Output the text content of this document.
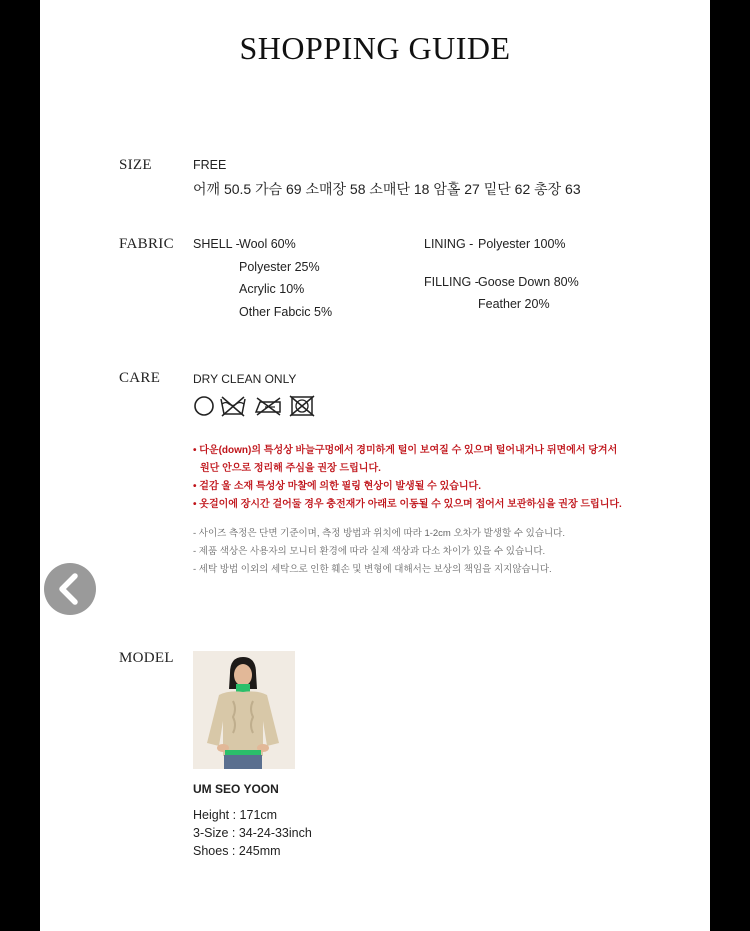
SHOPPING GUIDE
SIZE	FREE
어깨 50.5 가슴 69 소매장 58 소매단 18 암홀 27 밑단 62 총장 63
FABRIC SHELL - Wool 60%
Polyester 25%
Acrylic 10%
Other Fabcic 5%
LINING - Polyester 100%
FILLING - Goose Down 80%
Feather 20%
CARE	DRY CLEAN ONLY
• 다운(down)의 특성상 바늘구멍에서 경미하게 털이 보여질 수 있으며 털어내거나 뒤면에서 당겨서
원단 안으로 정리해 주심을 권장 드립니다.
• 겉감 울 소재 특성상 마찰에 의한 필링 현상이 발생될 수 있습니다.
• 옷걸이에 장시간 걸어둘 경우 충전재가 아래로 이동될 수 있으며 접어서 보관하심을 권장 드립니다.
- 사이즈 측정은 단면 기준이며, 측정 방법과 위치에 따라 1-2cm 오차가 발생할 수 있습니다.
- 제품 색상은 사용자의 모니터 환경에 따라 실제 색상과 다소 차이가 있을 수 있습니다.
- 세탁 방법 이외의 세탁으로 인한 훼손 및 변형에 대해서는 보상의 책임을 지지않습니다.
MODEL
UM SEO YOON
Height : 171cm
3-Size : 34-24-33inch
Shoes : 245mm
